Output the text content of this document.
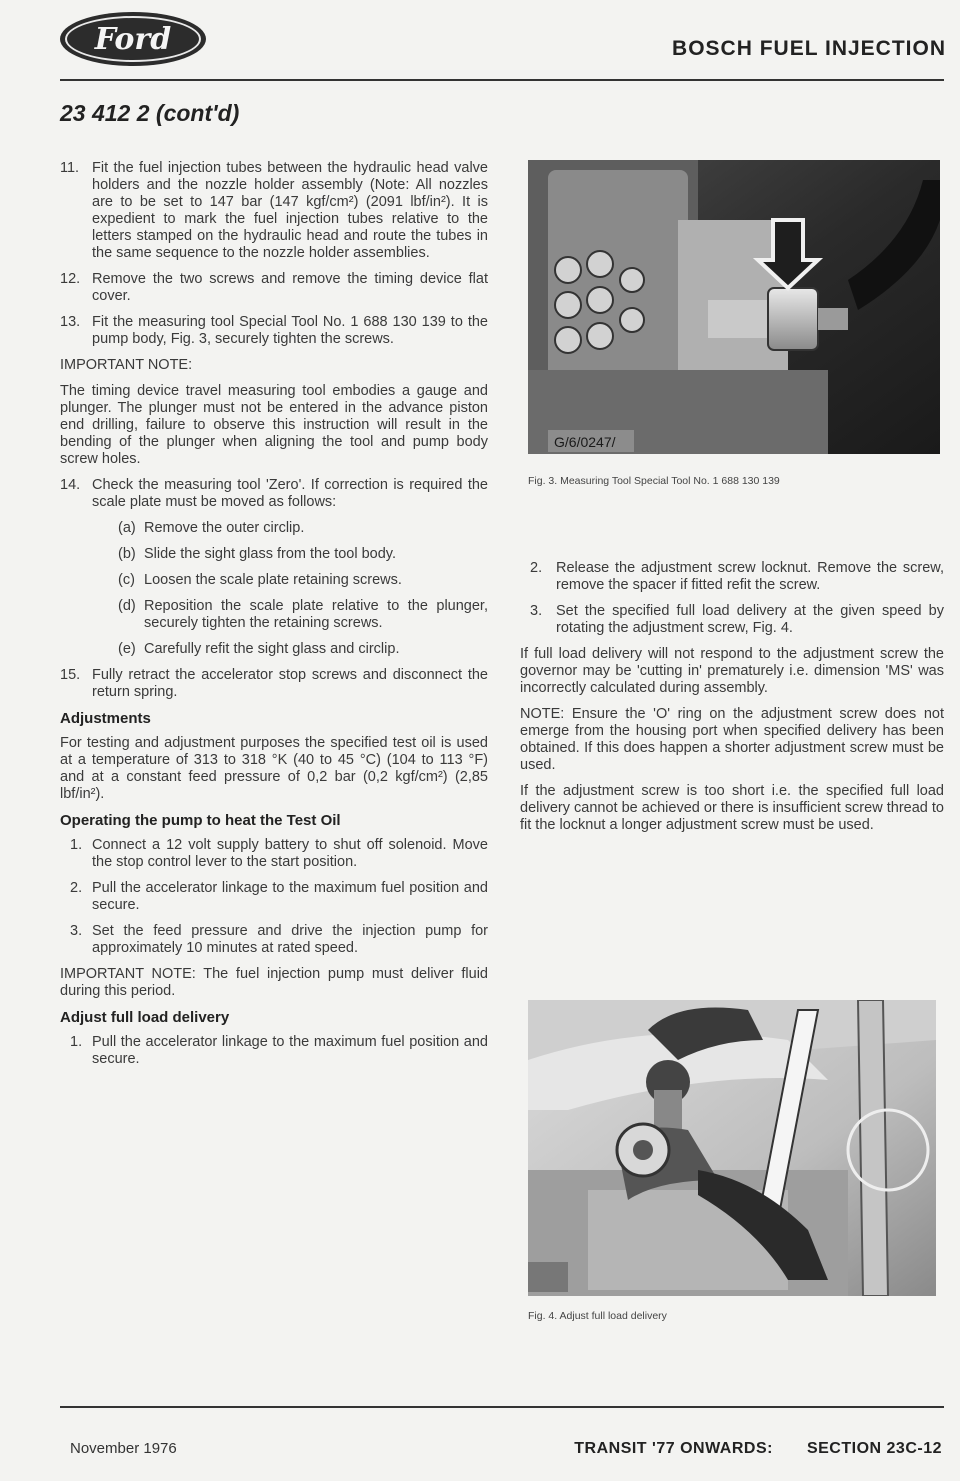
Ford	BOSCH FUEL INJECTION
23 412 2 (cont'd)
11. Fit the fuel injection tubes between the hydraulic head valve holders and the nozzle holder assembly (Note: All nozzles are to be set to 147 bar (147 kgf/cm²) (2091 lbf/in²). It is expedient to mark the fuel injection tubes relative to the letters stamped on the hydraulic head and route the tubes in the same sequence to the nozzle holder assemblies.
12. Remove the two screws and remove the timing device flat cover.
13. Fit the measuring tool Special Tool No. 1 688 130 139 to the pump body, Fig. 3, securely tighten the screws.

IMPORTANT NOTE:

The timing device travel measuring tool embodies a gauge and plunger. The plunger must not be entered in the advance piston end drilling, failure to observe this instruction will result in the bending of the plunger when aligning the tool and pump body screw holes.

14. Check the measuring tool 'Zero'. If correction is required the scale plate must be moved as follows:
(a) Remove the outer circlip.
(b) Slide the sight glass from the tool body.
(c) Loosen the scale plate retaining screws.
(d) Reposition the scale plate relative to the plunger, securely tighten the retaining screws.
(e) Carefully refit the sight glass and circlip.
15. Fully retract the accelerator stop screws and disconnect the return spring.
Adjustments

For testing and adjustment purposes the specified test oil is used at a temperature of 313 to 318 °K (40 to 45 °C) (104 to 113 °F) and at a constant feed pressure of 0,2 bar (0,2 kgf/cm²) (2,85 lbf/in²).

Operating the pump to heat the Test Oil
1. Connect a 12 volt supply battery to shut off solenoid. Move the stop control lever to the start position.
2. Pull the accelerator linkage to the maximum fuel position and secure.
3. Set the feed pressure and drive the injection pump for approximately 10 minutes at rated speed.

IMPORTANT NOTE: The fuel injection pump must deliver fluid during this period.

Adjust full load delivery
1. Pull the accelerator linkage to the maximum fuel position and secure.
G/6/0247/
Fig. 3. Measuring Tool Special Tool No. 1 688 130 139
2. Release the adjustment screw locknut. Remove the screw, remove the spacer if fitted refit the screw.
3. Set the specified full load delivery at the given speed by rotating the adjustment screw, Fig. 4.

If full load delivery will not respond to the adjustment screw the governor may be 'cutting in' prematurely i.e. dimension 'MS' was incorrectly calculated during assembly.

NOTE: Ensure the 'O' ring on the adjustment screw does not emerge from the housing port when specified delivery has been obtained. If this does happen a shorter adjustment screw must be used.

If the adjustment screw is too short i.e. the specified full load delivery cannot be achieved or there is insufficient screw thread to fit the locknut a longer adjustment screw must be used.

Fig. 4. Adjust full load delivery
November 1976	TRANSIT '77 ONWARDS: SECTION 23C-12
